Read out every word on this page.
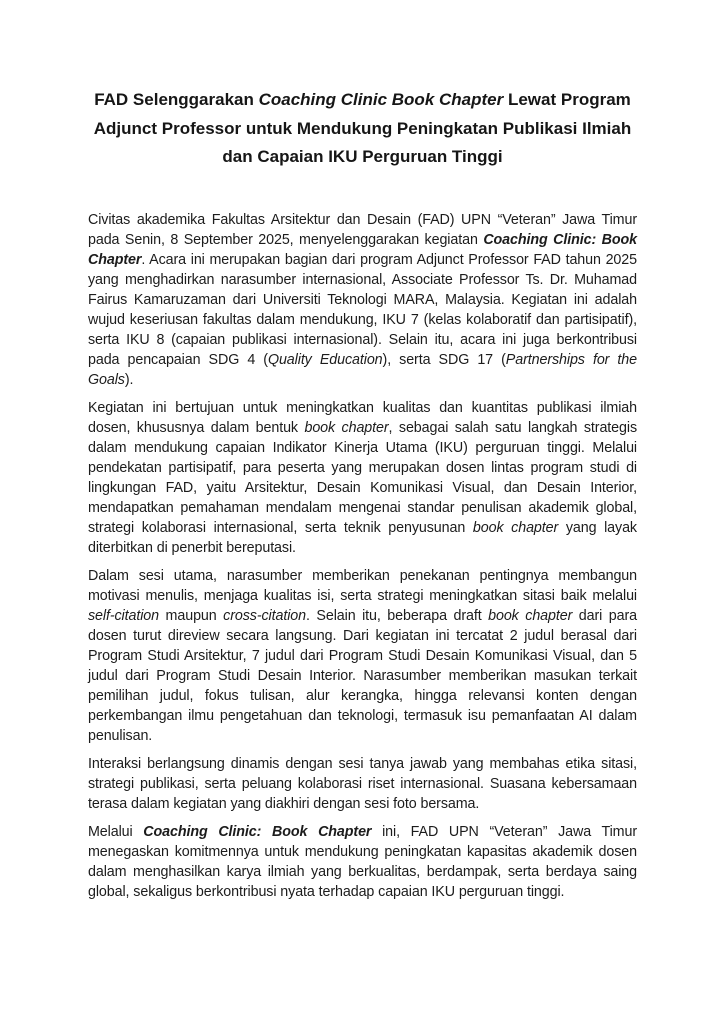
FAD Selenggarakan Coaching Clinic Book Chapter Lewat Program Adjunct Professor untuk Mendukung Peningkatan Publikasi Ilmiah dan Capaian IKU Perguruan Tinggi

Civitas akademika Fakultas Arsitektur dan Desain (FAD) UPN “Veteran” Jawa Timur pada Senin, 8 September 2025, menyelenggarakan kegiatan Coaching Clinic: Book Chapter. Acara ini merupakan bagian dari program Adjunct Professor FAD tahun 2025 yang menghadirkan narasumber internasional, Associate Professor Ts. Dr. Muhamad Fairus Kamaruzaman dari Universiti Teknologi MARA, Malaysia. Kegiatan ini adalah wujud keseriusan fakultas dalam mendukung, IKU 7 (kelas kolaboratif dan partisipatif), serta IKU 8 (capaian publikasi internasional). Selain itu, acara ini juga berkontribusi pada pencapaian SDG 4 (Quality Education), serta SDG 17 (Partnerships for the Goals).

Kegiatan ini bertujuan untuk meningkatkan kualitas dan kuantitas publikasi ilmiah dosen, khususnya dalam bentuk book chapter, sebagai salah satu langkah strategis dalam mendukung capaian Indikator Kinerja Utama (IKU) perguruan tinggi. Melalui pendekatan partisipatif, para peserta yang merupakan dosen lintas program studi di lingkungan FAD, yaitu Arsitektur, Desain Komunikasi Visual, dan Desain Interior, mendapatkan pemahaman mendalam mengenai standar penulisan akademik global, strategi kolaborasi internasional, serta teknik penyusunan book chapter yang layak diterbitkan di penerbit bereputasi.

Dalam sesi utama, narasumber memberikan penekanan pentingnya membangun motivasi menulis, menjaga kualitas isi, serta strategi meningkatkan sitasi baik melalui self-citation maupun cross-citation. Selain itu, beberapa draft book chapter dari para dosen turut direview secara langsung. Dari kegiatan ini tercatat 2 judul berasal dari Program Studi Arsitektur, 7 judul dari Program Studi Desain Komunikasi Visual, dan 5 judul dari Program Studi Desain Interior. Narasumber memberikan masukan terkait pemilihan judul, fokus tulisan, alur kerangka, hingga relevansi konten dengan perkembangan ilmu pengetahuan dan teknologi, termasuk isu pemanfaatan AI dalam penulisan.

Interaksi berlangsung dinamis dengan sesi tanya jawab yang membahas etika sitasi, strategi publikasi, serta peluang kolaborasi riset internasional. Suasana kebersamaan terasa dalam kegiatan yang diakhiri dengan sesi foto bersama.

Melalui Coaching Clinic: Book Chapter ini, FAD UPN “Veteran” Jawa Timur menegaskan komitmennya untuk mendukung peningkatan kapasitas akademik dosen dalam menghasilkan karya ilmiah yang berkualitas, berdampak, serta berdaya saing global, sekaligus berkontribusi nyata terhadap capaian IKU perguruan tinggi.
